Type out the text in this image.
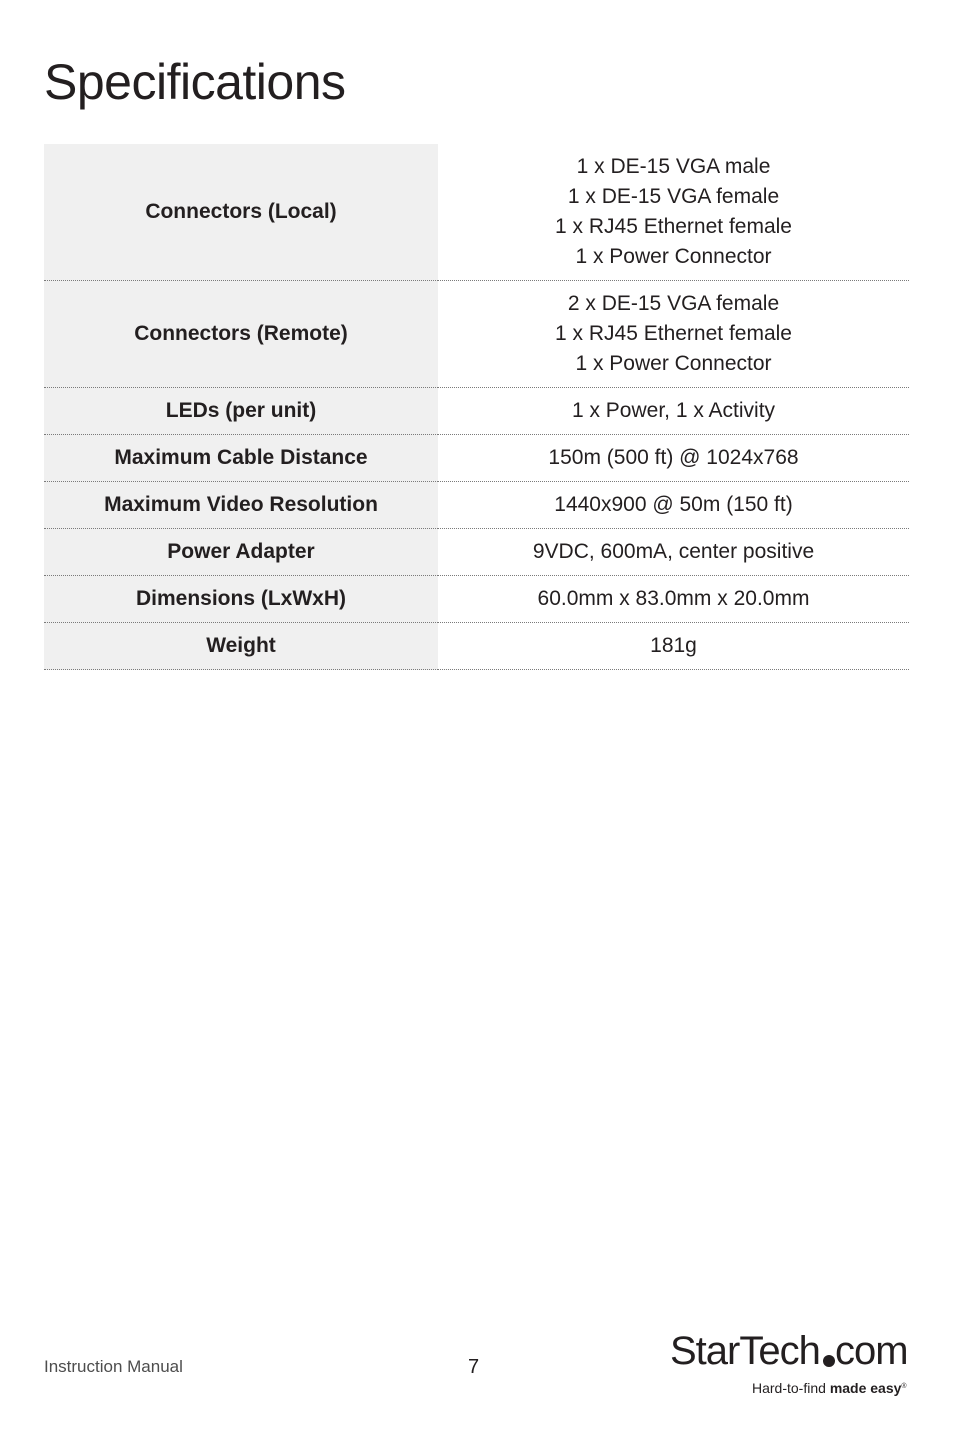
Specifications
Connectors (Local)	1 x DE-15 VGA male
1 x DE-15 VGA female
1 x RJ45 Ethernet female
1 x Power Connector

Connectors (Remote)	2 x DE-15 VGA female
1 x RJ45 Ethernet female
1 x Power Connector

LEDs (per unit)	1 x Power, 1 x Activity

Maximum Cable Distance	150m (500 ft) @ 1024x768

Maximum Video Resolution	1440x900 @ 50m (150 ft)

Power Adapter	9VDC, 600mA, center positive

Dimensions (LxWxH)	60.0mm x 83.0mm x 20.0mm

Weight	181g
Instruction Manual	7	StarTech com
Hard-to-find made easy®
